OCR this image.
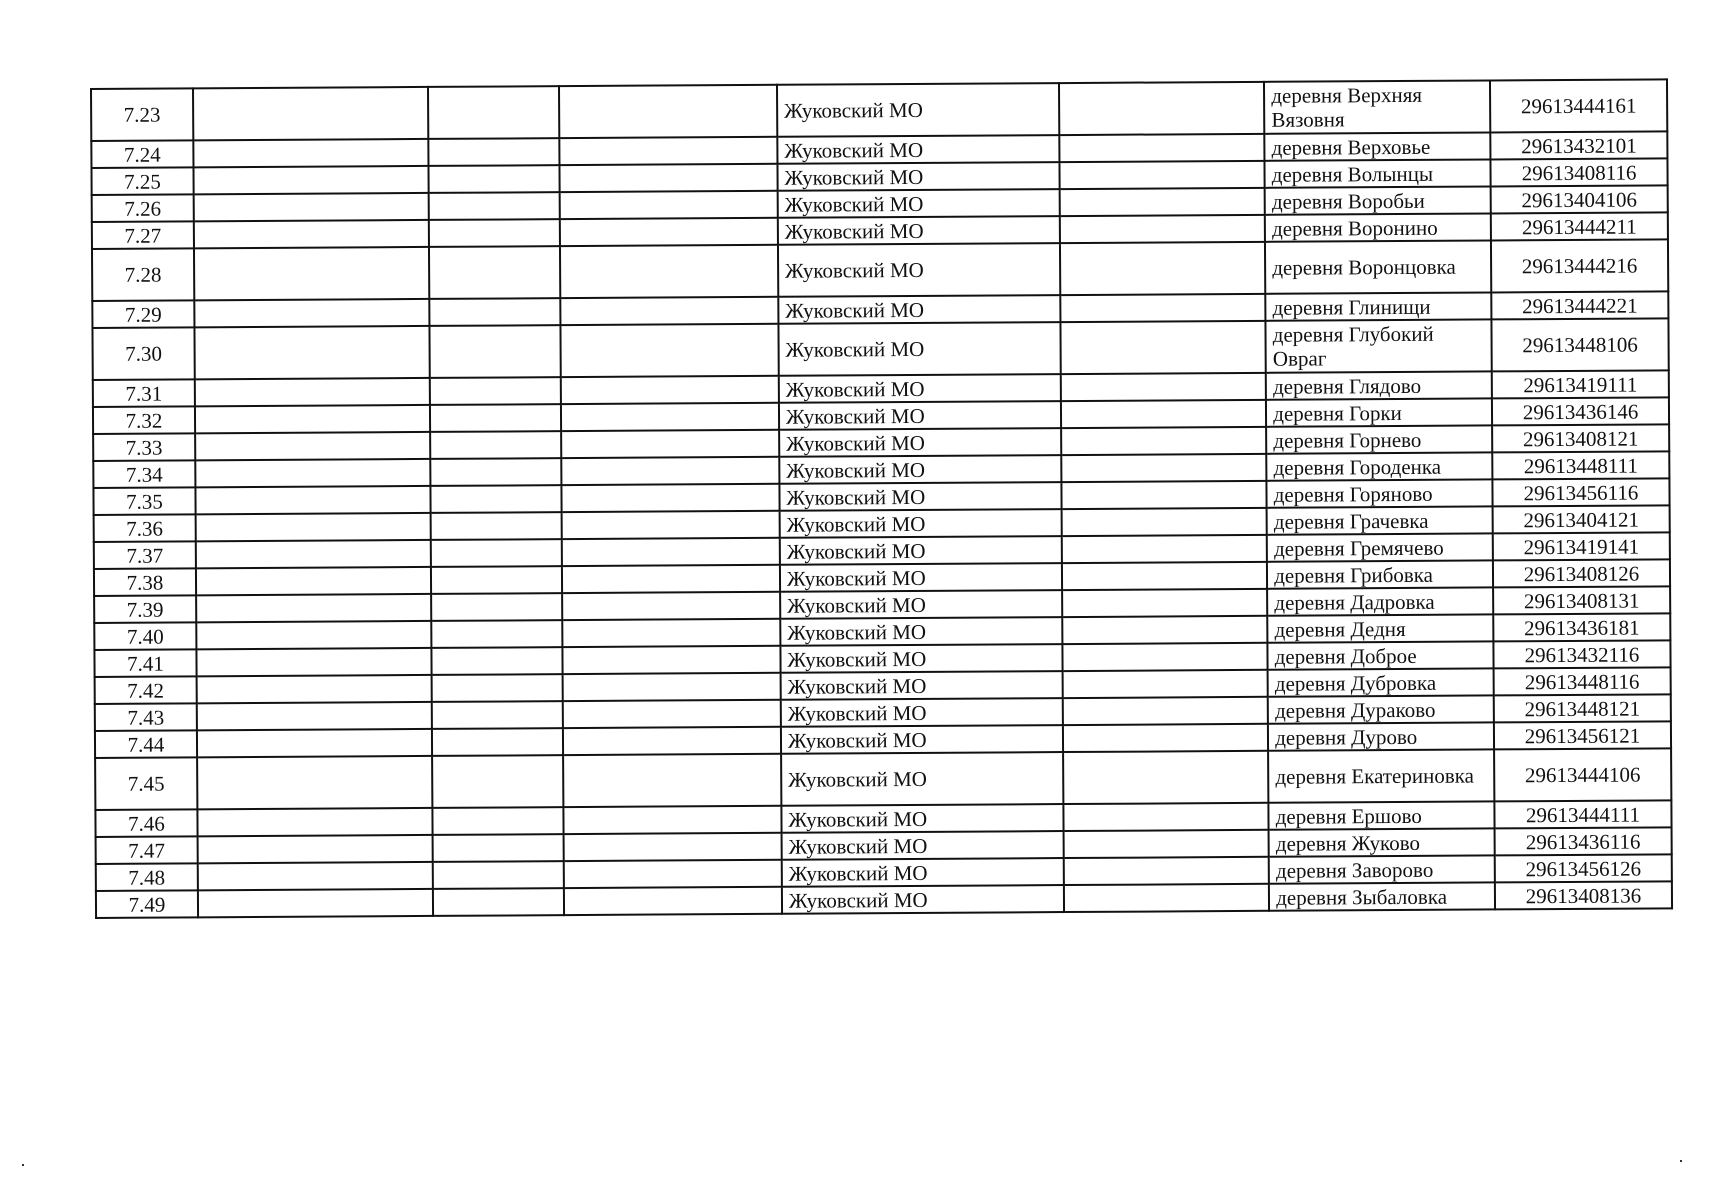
7.23				Жуковский МО		деревня Верхняя Вязовня	29613444161
7.24				Жуковский МО		деревня Верховье	29613432101
7.25				Жуковский МО		деревня Волынцы	29613408116
7.26				Жуковский МО		деревня Воробьи	29613404106
7.27				Жуковский МО		деревня Воронино	29613444211
7.28				Жуковский МО		деревня Воронцовка	29613444216
7.29				Жуковский МО		деревня Глинищи	29613444221
7.30				Жуковский МО		деревня Глубокий Овраг	29613448106
7.31				Жуковский МО		деревня Глядово	29613419111
7.32				Жуковский МО		деревня Горки	29613436146
7.33				Жуковский МО		деревня Горнево	29613408121
7.34				Жуковский МО		деревня Городенка	29613448111
7.35				Жуковский МО		деревня Горяново	29613456116
7.36				Жуковский МО		деревня Грачевка	29613404121
7.37				Жуковский МО		деревня Гремячево	29613419141
7.38				Жуковский МО		деревня Грибовка	29613408126
7.39				Жуковский МО		деревня Дадровка	29613408131
7.40				Жуковский МО		деревня Дедня	29613436181
7.41				Жуковский МО		деревня Доброе	29613432116
7.42				Жуковский МО		деревня Дубровка	29613448116
7.43				Жуковский МО		деревня Дураково	29613448121
7.44				Жуковский МО		деревня Дурово	29613456121
7.45				Жуковский МО		деревня Екатериновка	29613444106
7.46				Жуковский МО		деревня Ершово	29613444111
7.47				Жуковский МО		деревня Жуково	29613436116
7.48				Жуковский МО		деревня Заворово	29613456126
7.49				Жуковский МО		деревня Зыбаловка	29613408136
